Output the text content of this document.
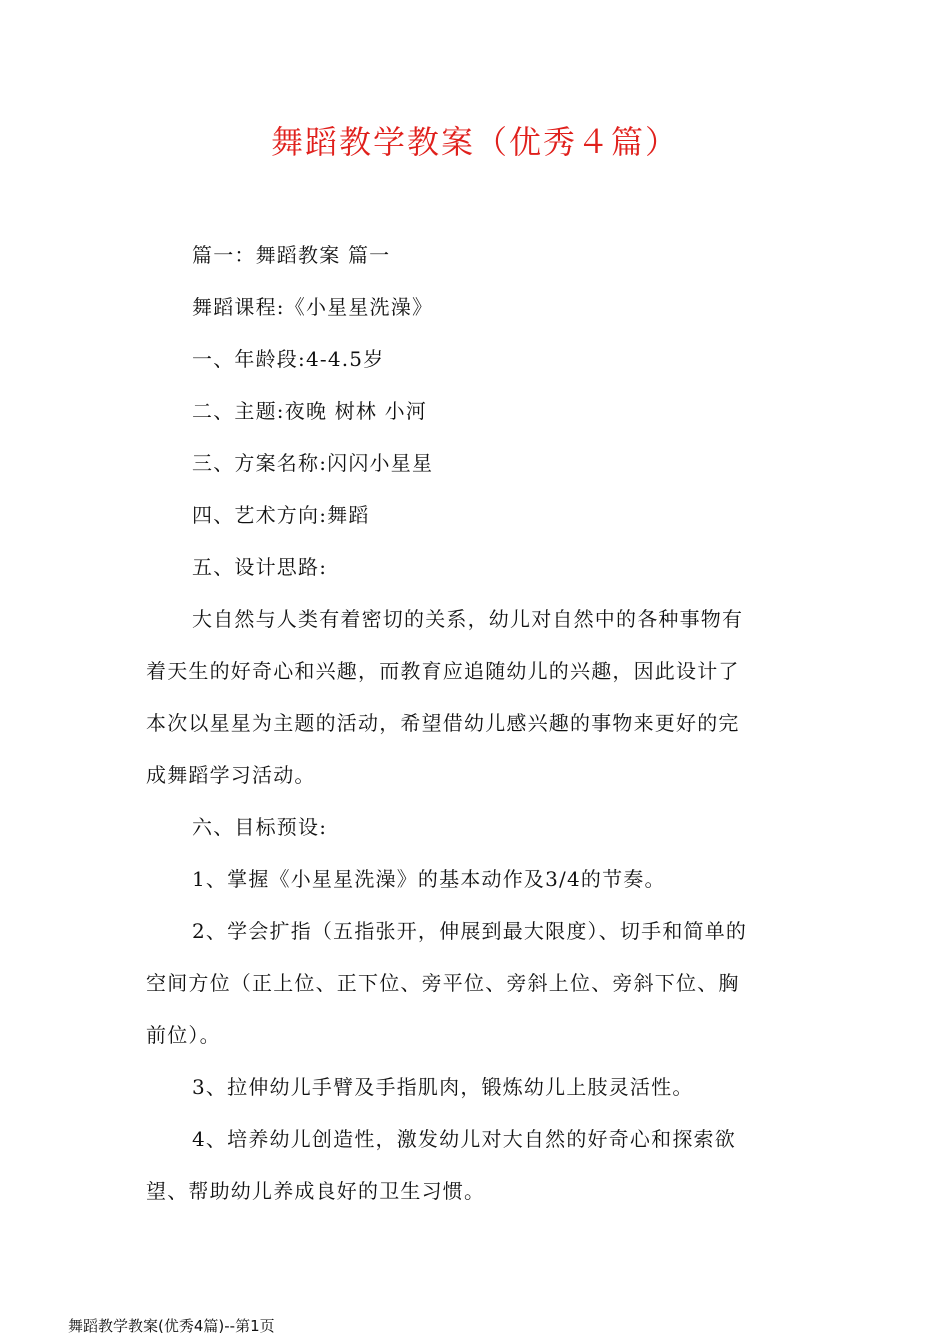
舞蹈教学教案（优秀４篇）
篇一：舞蹈教案 篇一
舞蹈课程:《小星星洗澡》
一、年龄段:4-4.5岁
二、主题:夜晚 树林 小河
三、方案名称:闪闪小星星
四、艺术方向:舞蹈
五、设计思路:
大自然与人类有着密切的关系，幼儿对自然中的各种事物有
着天生的好奇心和兴趣，而教育应追随幼儿的兴趣，因此设计了
本次以星星为主题的活动，希望借幼儿感兴趣的事物来更好的完
成舞蹈学习活动。
六、目标预设:
1、掌握《小星星洗澡》的基本动作及3/4的节奏。
2、学会扩指（五指张开，伸展到最大限度）、切手和简单的
空间方位（正上位、正下位、旁平位、旁斜上位、旁斜下位、胸
前位）。
3、拉伸幼儿手臂及手指肌肉，锻炼幼儿上肢灵活性。
4、培养幼儿创造性，激发幼儿对大自然的好奇心和探索欲
望、帮助幼儿养成良好的卫生习惯。
舞蹈教学教案(优秀4篇)--第1页
